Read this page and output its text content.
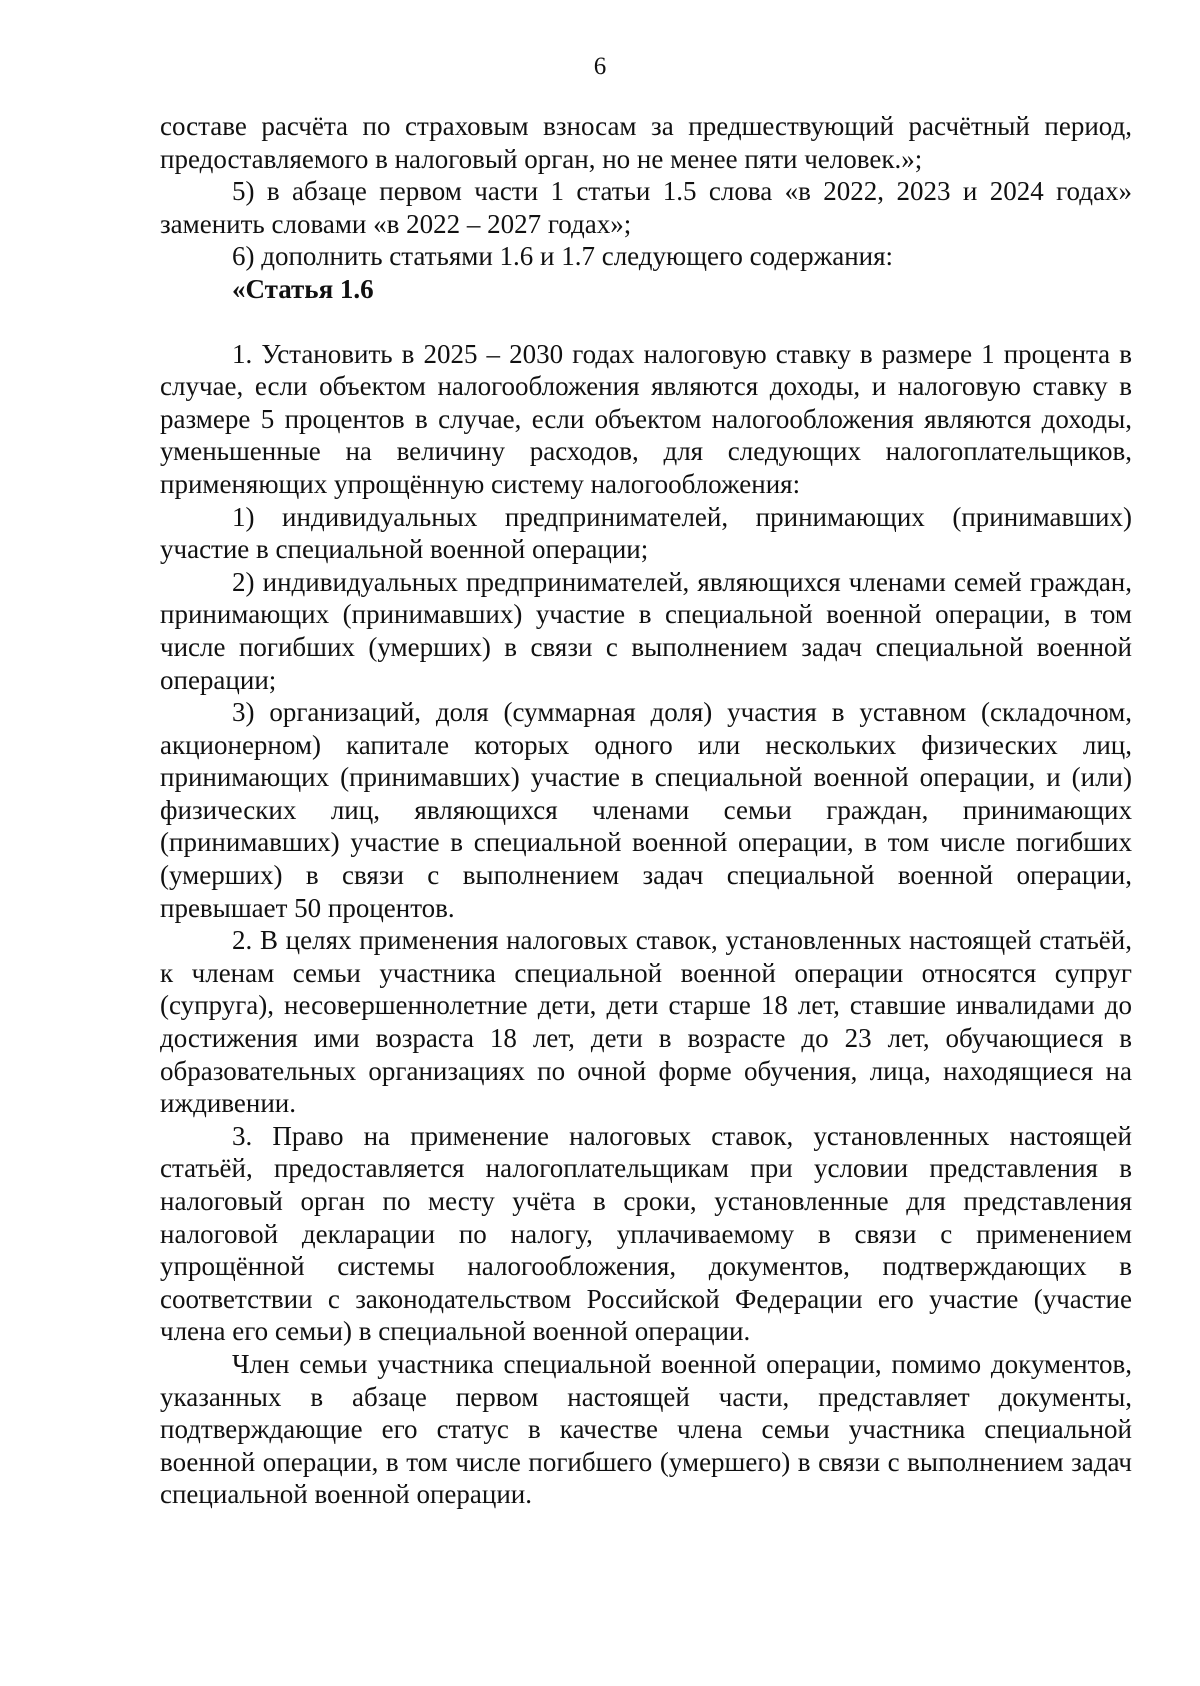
6

составе расчёта по страховым взносам за предшествующий расчётный период, предоставляемого в налоговый орган, но не менее пяти человек.»;

5) в абзаце первом части 1 статьи 1.5 слова «в 2022, 2023 и 2024 годах» заменить словами «в 2022 – 2027 годах»;

6) дополнить статьями 1.6 и 1.7 следующего содержания:

«Статья 1.6

1. Установить в 2025 – 2030 годах налоговую ставку в размере 1 процента в случае, если объектом налогообложения являются доходы, и налоговую ставку в размере 5 процентов в случае, если объектом налогообложения являются доходы, уменьшенные на величину расходов, для следующих налогоплательщиков, применяющих упрощённую систему налогообложения:

1) индивидуальных предпринимателей, принимающих (принимавших) участие в специальной военной операции;

2) индивидуальных предпринимателей, являющихся членами семей граждан, принимающих (принимавших) участие в специальной военной операции, в том числе погибших (умерших) в связи с выполнением задач специальной военной операции;

3) организаций, доля (суммарная доля) участия в уставном (складочном, акционерном) капитале которых одного или нескольких физических лиц, принимающих (принимавших) участие в специальной военной операции, и (или) физических лиц, являющихся членами семьи граждан, принимающих (принимавших) участие в специальной военной операции, в том числе погибших (умерших) в связи с выполнением задач специальной военной операции, превышает 50 процентов.

2. В целях применения налоговых ставок, установленных настоящей статьёй, к членам семьи участника специальной военной операции относятся супруг (супруга), несовершеннолетние дети, дети старше 18 лет, ставшие инвалидами до достижения ими возраста 18 лет, дети в возрасте до 23 лет, обучающиеся в образовательных организациях по очной форме обучения, лица, находящиеся на иждивении.

3. Право на применение налоговых ставок, установленных настоящей статьёй, предоставляется налогоплательщикам при условии представления в налоговый орган по месту учёта в сроки, установленные для представления налоговой декларации по налогу, уплачиваемому в связи с применением упрощённой системы налогообложения, документов, подтверждающих в соответствии с законодательством Российской Федерации его участие (участие члена его семьи) в специальной военной операции.

Член семьи участника специальной военной операции, помимо документов, указанных в абзаце первом настоящей части, представляет документы, подтверждающие его статус в качестве члена семьи участника специальной военной операции, в том числе погибшего (умершего) в связи с выполнением задач специальной военной операции.
